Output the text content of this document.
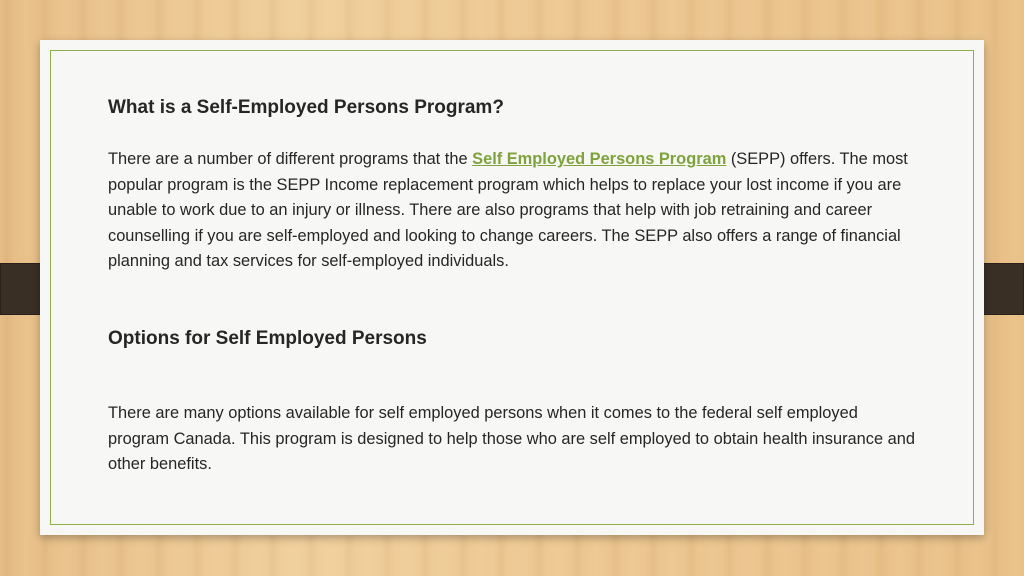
What is a Self-Employed Persons Program?

There are a number of different programs that the Self Employed Persons Program (SEPP) offers. The most popular program is the SEPP Income replacement program which helps to replace your lost income if you are unable to work due to an injury or illness. There are also programs that help with job retraining and career counselling if you are self-employed and looking to change careers. The SEPP also offers a range of financial planning and tax services for self-employed individuals.

Options for Self Employed Persons

There are many options available for self employed persons when it comes to the federal self employed program Canada. This program is designed to help those who are self employed to obtain health insurance and other benefits.
